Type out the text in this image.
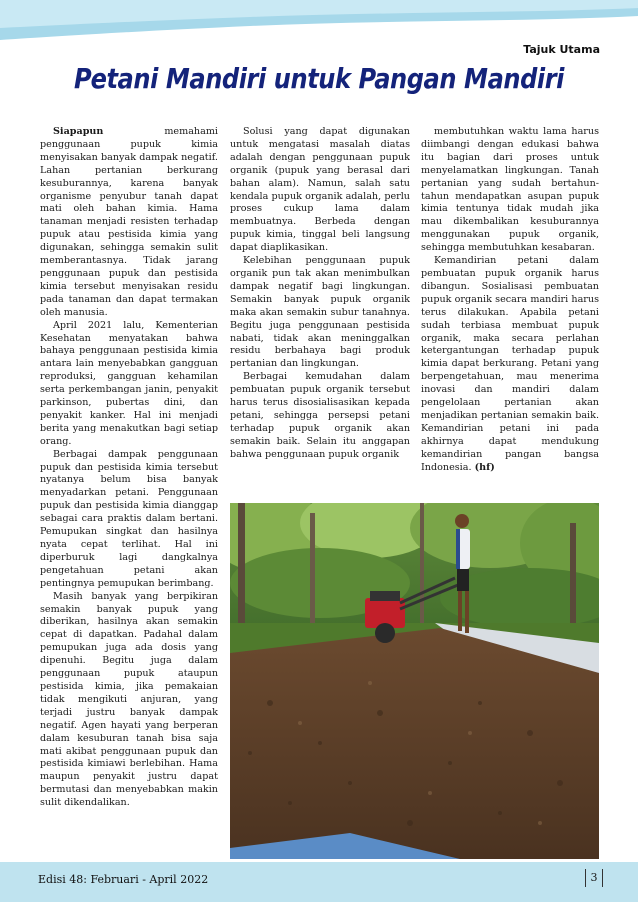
Tajuk Utama
Petani Mandiri untuk Pangan Mandiri

Siapapun memahami penggunaan pupuk kimia menyisakan banyak dampak negatif. Lahan pertanian berkurang kesuburannya, karena banyak organisme penyubur tanah dapat mati oleh bahan kimia. Hama tanaman menjadi resisten terhadap pupuk atau pestisida kimia yang digunakan, sehingga semakin sulit memberantasnya. Tidak jarang penggunaan pupuk dan pestisida kimia tersebut menyisakan residu pada tanaman dan dapat termakan oleh manusia.

April 2021 lalu, Kementerian Kesehatan menyatakan bahwa bahaya penggunaan pestisida kimia antara lain menyebabkan gangguan reproduksi, gangguan kehamilan serta perkembangan janin, penyakit parkinson, pubertas dini, dan penyakit kanker. Hal ini menjadi berita yang menakutkan bagi setiap orang.

Berbagai dampak penggunaan pupuk dan pestisida kimia tersebut nyatanya belum bisa banyak menyadarkan petani. Penggunaan pupuk dan pestisida kimia dianggap sebagai cara praktis dalam bertani. Pemupukan singkat dan hasilnya nyata cepat terlihat. Hal ini diperburuk lagi dangkalnya pengetahuan petani akan pentingnya pemupukan berimbang.

Masih banyak yang berpikiran semakin banyak pupuk yang diberikan, hasilnya akan semakin cepat di dapatkan. Padahal dalam pemupukan juga ada dosis yang dipenuhi. Begitu juga dalam penggunaan pupuk ataupun pestisida kimia, jika pemakaian tidak mengikuti anjuran, yang terjadi justru banyak dampak negatif. Agen hayati yang berperan dalam kesuburan tanah bisa saja mati akibat penggunaan pupuk dan pestisida kimiawi berlebihan. Hama maupun penyakit justru dapat bermutasi dan menyebabkan makin sulit dikendalikan.

Solusi yang dapat digunakan untuk mengatasi masalah diatas adalah dengan penggunaan pupuk organik (pupuk yang berasal dari bahan alam). Namun, salah satu kendala pupuk organik adalah, perlu proses cukup lama dalam membuatnya. Berbeda dengan pupuk kimia, tinggal beli langsung dapat diaplikasikan.

Kelebihan penggunaan pupuk organik pun tak akan menimbulkan dampak negatif bagi lingkungan. Semakin banyak pupuk organik maka akan semakin subur tanahnya. Begitu juga penggunaan pestisida nabati, tidak akan meninggalkan residu berbahaya bagi produk pertanian dan lingkungan.

Berbagai kemudahan dalam pembuatan pupuk organik tersebut harus terus disosialisasikan kepada petani, sehingga persepsi petani terhadap pupuk organik akan semakin baik. Selain itu anggapan bahwa penggunaan pupuk organik

membutuhkan waktu lama harus diimbangi dengan edukasi bahwa itu bagian dari proses untuk menyelamatkan lingkungan. Tanah pertanian yang sudah bertahun-tahun mendapatkan asupan pupuk kimia tentunya tidak mudah jika mau dikembalikan kesuburannya menggunakan pupuk organik, sehingga membutuhkan kesabaran.

Kemandirian petani dalam pembuatan pupuk organik harus dibangun. Sosialisasi pembuatan pupuk organik secara mandiri harus terus dilakukan. Apabila petani sudah terbiasa membuat pupuk organik, maka secara perlahan ketergantungan terhadap pupuk kimia dapat berkurang. Petani yang berpengetahuan, mau menerima inovasi dan mandiri dalam pengelolaan pertanian akan menjadikan pertanian semakin baik. Kemandirian petani ini pada akhirnya dapat mendukung kemandirian pangan bangsa Indonesia. (hf)

Edisi 48: Februari - April 2022	3
